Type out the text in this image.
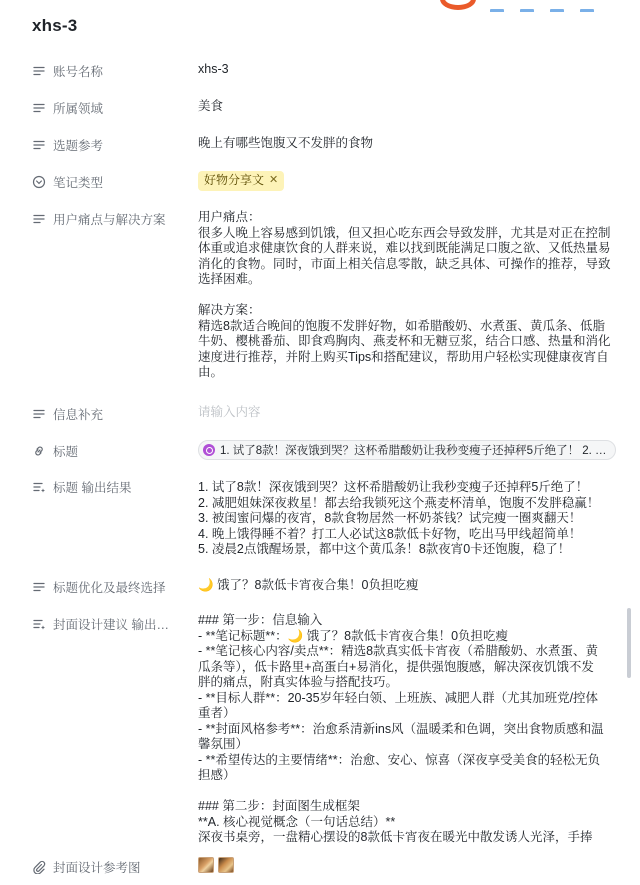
xhs-3
账号名称	xhs-3
所属领域	美食
选题参考	晚上有哪些饱腹又不发胖的食物
笔记类型	好物分享文 ✕
用户痛点与解决方案	用户痛点：
很多人晚上容易感到饥饿，但又担心吃东西会导致发胖，尤其是对正在控制体重或追求健康饮食的人群来说，难以找到既能满足口腹之欲、又低热量易消化的食物。同时，市面上相关信息零散，缺乏具体、可操作的推荐，导致选择困难。

解决方案：
精选8款适合晚间的饱腹不发胖好物，如希腊酸奶、水煮蛋、黄瓜条、低脂牛奶、樱桃番茄、即食鸡胸肉、燕麦杯和无糖豆浆，结合口感、热量和消化速度进行推荐，并附上购买Tips和搭配建议，帮助用户轻松实现健康夜宵自由。
信息补充	请输入内容
标题	1. 试了8款！深夜饿到哭？这杯希腊酸奶让我秒变瘦子还掉秤5斤绝了！ 2. …
标题 输出结果	1. 试了8款！深夜饿到哭？这杯希腊酸奶让我秒变瘦子还掉秤5斤绝了！
2. 减肥姐妹深夜救星！都去给我锁死这个燕麦杯清单，饱腹不发胖稳赢！
3. 被闺蜜问爆的夜宵，8款食物居然一杯奶茶钱？试完瘦一圈爽翻天！
4. 晚上饿得睡不着？打工人必试这8款低卡好物，吃出马甲线超简单！
5. 凌晨2点饿醒场景，都中这个黄瓜条！8款夜宵0卡还饱腹，稳了！
标题优化及最终选择	🌙 饿了？8款低卡宵夜合集！0负担吃瘦
封面设计建议 输出… ### 第一步：信息输入
- **笔记标题**：🌙 饿了？8款低卡宵夜合集！0负担吃瘦
- **笔记核心内容/卖点**：精选8款真实低卡宵夜（希腊酸奶、水煮蛋、黄瓜条等），低卡路里+高蛋白+易消化，提供强饱腹感，解决深夜饥饿不发胖的痛点，附真实体验与搭配技巧。
- **目标人群**：20-35岁年轻白领、上班族、减肥人群（尤其加班党/控体重者）
- **封面风格参考**：治愈系清新ins风（温暖柔和色调，突出食物质感和温馨氛围）
- **希望传达的主要情绪**：治愈、安心、惊喜（深夜享受美食的轻松无负担感）

### 第二步：封面图生成框架
**A. 核心视觉概念（一句话总结）**
深夜书桌旁，一盘精心摆设的8款低卡宵夜在暖光中散发诱人光泽，手捧
封面设计参考图
